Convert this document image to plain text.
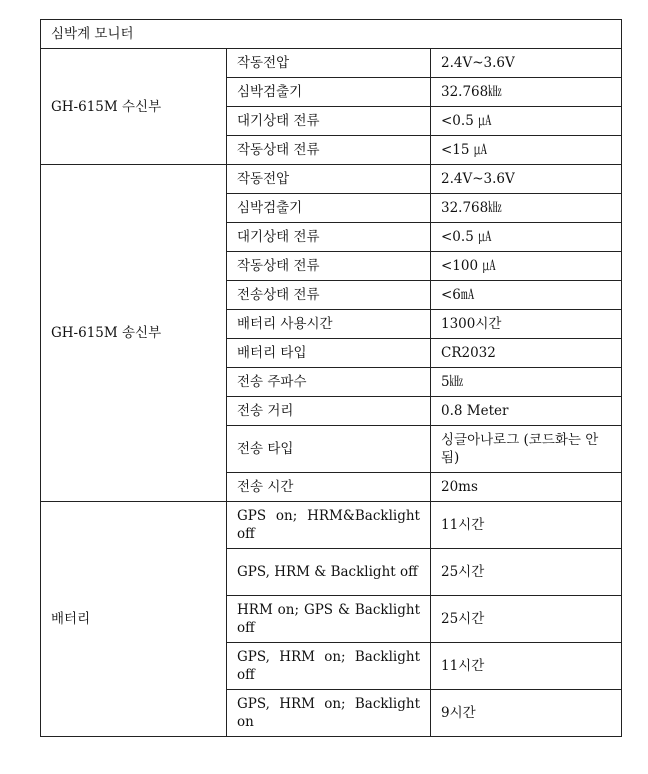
심박계 모니터		
GH-615M 수신부	작동전압	2.4V~3.6V
	심박검출기	32.768㎑
	대기상태 전류	<0.5 ㎂
	작동상태 전류	<15 ㎂
GH-615M 송신부	작동전압	2.4V~3.6V
	심박검출기	32.768㎑
	대기상태 전류	<0.5 ㎂
	작동상태 전류	<100 ㎂
	전송상태 전류	<6㎃
	배터리 사용시간	1300시간
	배터리 타입	CR2032
	전송 주파수	5㎑
	전송 거리	0.8 Meter
	전송 타입	싱글아나로그 (코드화는 안됨)
	전송 시간	20ms
배터리	GPS on; HRM&Backlight off	11시간
	GPS, HRM & Backlight off	25시간
	HRM on; GPS & Backlight off	25시간
	GPS, HRM on; Backlight off	11시간
	GPS, HRM on; Backlight on	9시간
